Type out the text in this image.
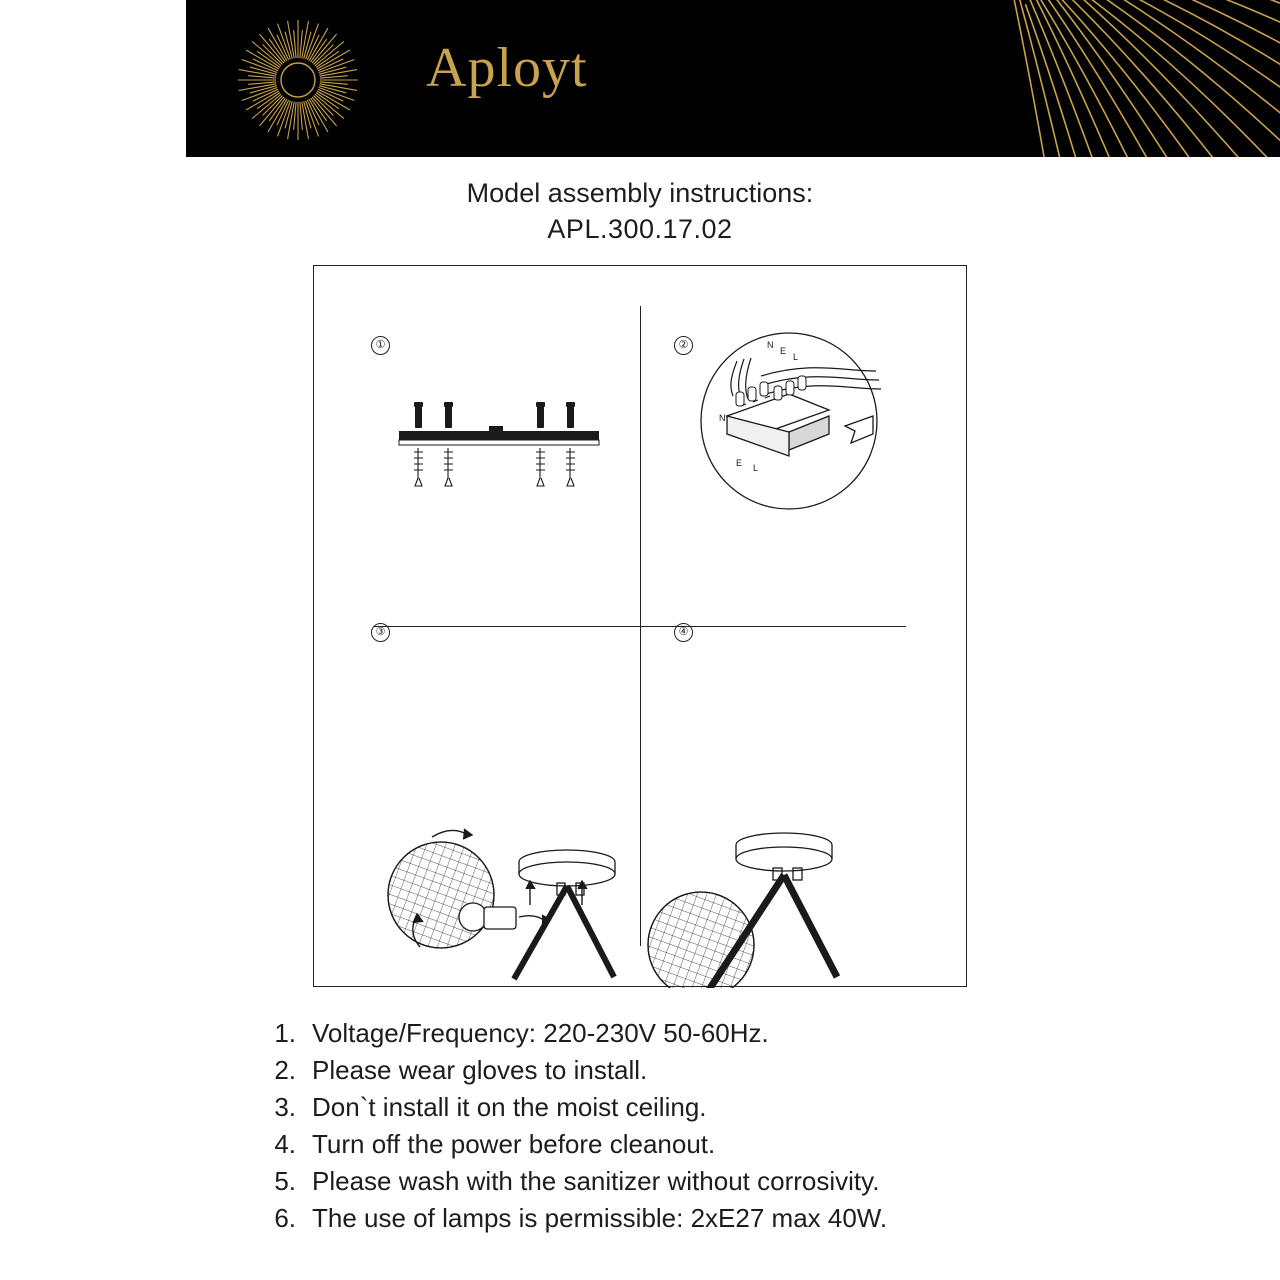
Aployt
Model assembly instructions:
APL.300.17.02
①	②	N
E
L
N
E L
③	④
1. Voltage/Frequency: 220-230V 50-60Hz.
2. Please wear gloves to install.
3. Don`t install it on the moist ceiling.
4. Turn off the power before cleanout.
5. Please wash with the sanitizer without corrosivity.
6. The use of lamps is permissible: 2xE27 max 40W.
